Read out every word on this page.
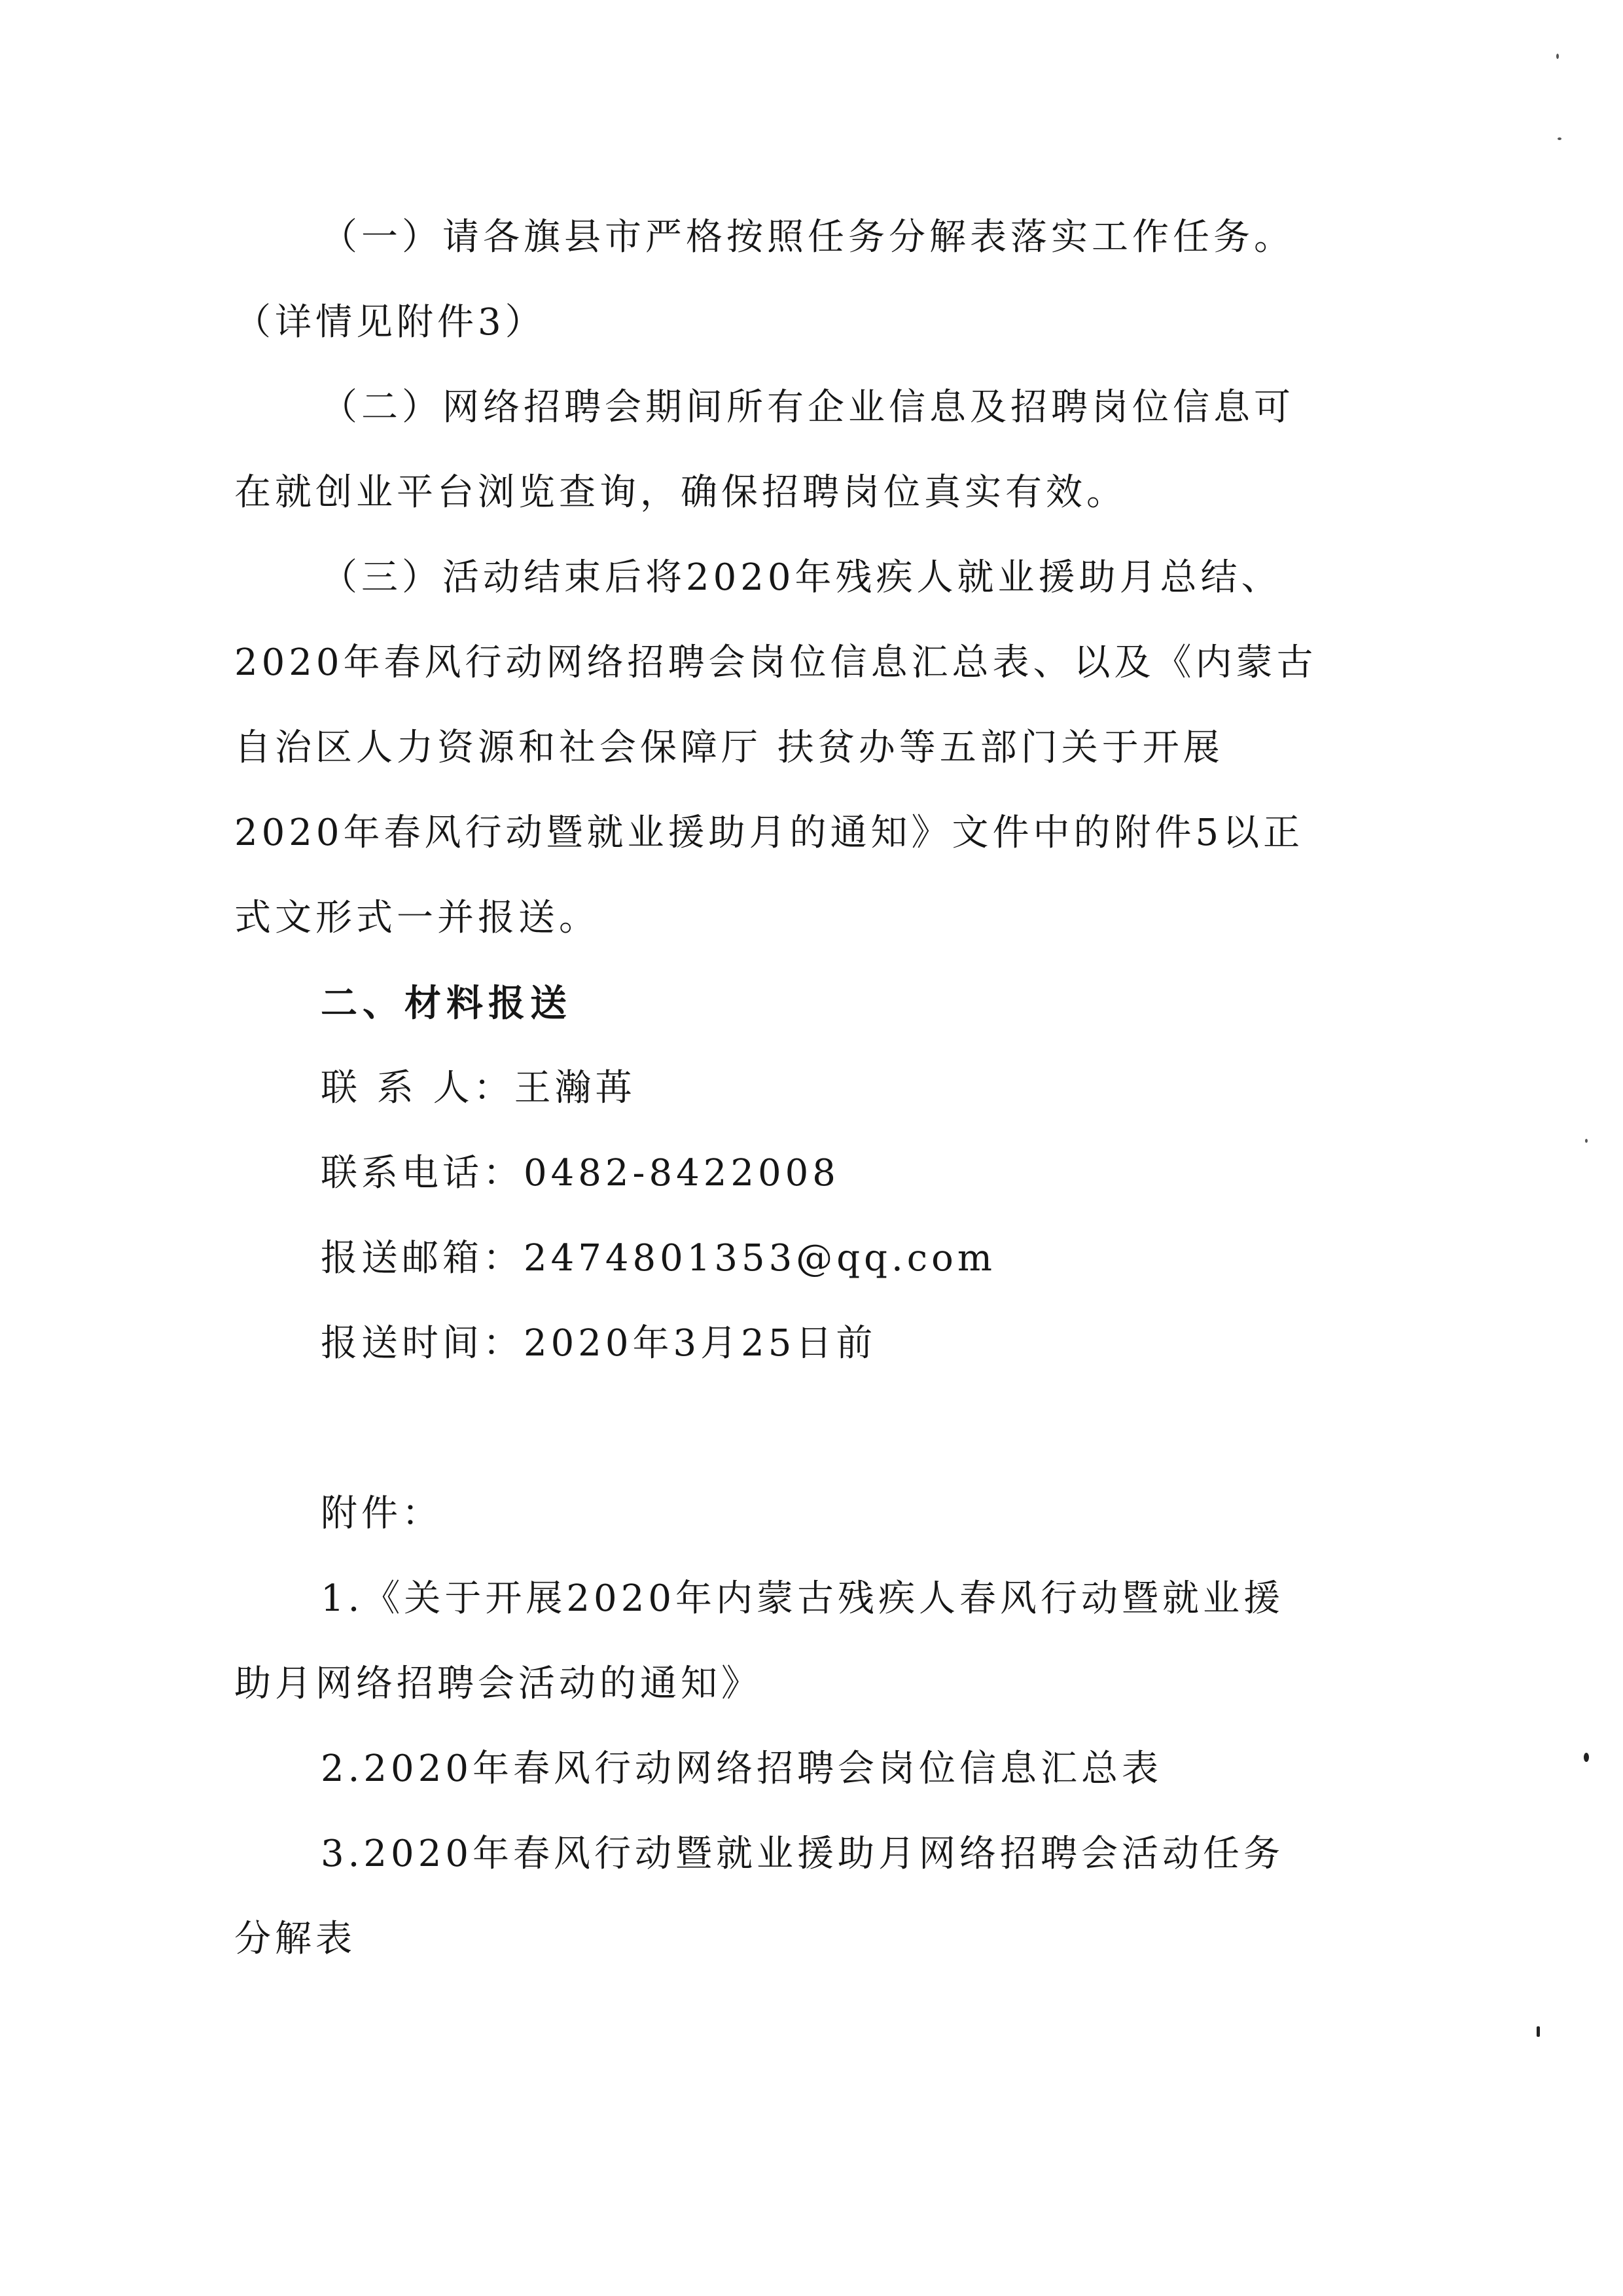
（一）请各旗县市严格按照任务分解表落实工作任务。
（详情见附件3）
（二）网络招聘会期间所有企业信息及招聘岗位信息可
在就创业平台浏览查询，确保招聘岗位真实有效。
（三）活动结束后将2020年残疾人就业援助月总结、
2020年春风行动网络招聘会岗位信息汇总表、以及《内蒙古
自治区人力资源和社会保障厅 扶贫办等五部门关于开展
2020年春风行动暨就业援助月的通知》文件中的附件5以正
式文形式一并报送。
二、材料报送
联 系 人：王瀚苒
联系电话：0482-8422008
报送邮箱：2474801353@qq.com
报送时间：2020年3月25日前
附件：
1.《关于开展2020年内蒙古残疾人春风行动暨就业援
助月网络招聘会活动的通知》
2.2020年春风行动网络招聘会岗位信息汇总表
3.2020年春风行动暨就业援助月网络招聘会活动任务
分解表
